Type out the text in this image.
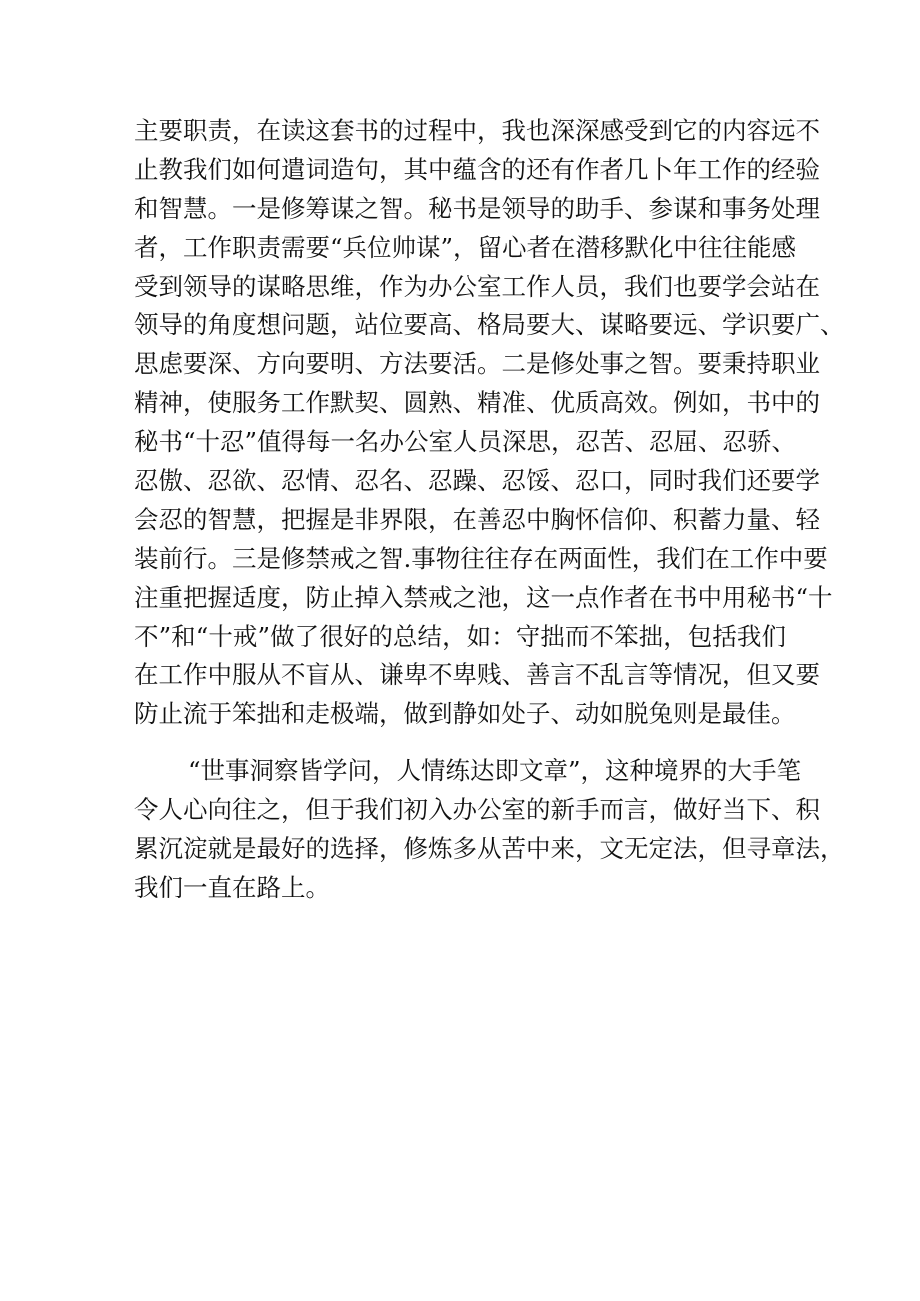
主要职责，在读这套书的过程中，我也深深感受到它的内容远不
止教我们如何遣词造句，其中蕴含的还有作者几卜年工作的经验
和智慧。一是修筹谋之智。秘书是领导的助手、参谋和事务处理
者，工作职责需要“兵位帅谋”，留心者在潜移默化中往往能感
受到领导的谋略思维，作为办公室工作人员，我们也要学会站在
领导的角度想问题，站位要高、格局要大、谋略要远、学识要广、
思虑要深、方向要明、方法要活。二是修处事之智。要秉持职业
精神，使服务工作默契、圆熟、精准、优质高效。例如，书中的
秘书“十忍”值得每一名办公室人员深思，忍苦、忍屈、忍骄、
忍傲、忍欲、忍情、忍名、忍躁、忍馁、忍口，同时我们还要学
会忍的智慧，把握是非界限，在善忍中胸怀信仰、积蓄力量、轻
装前行。三是修禁戒之智.事物往往存在两面性，我们在工作中要
注重把握适度，防止掉入禁戒之池，这一点作者在书中用秘书“十
不”和“十戒”做了很好的总结，如：守拙而不笨拙，包括我们
在工作中服从不盲从、谦卑不卑贱、善言不乱言等情况，但又要
防止流于笨拙和走极端，做到静如处子、动如脱兔则是最佳。
“世事洞察皆学问，人情练达即文章”，这种境界的大手笔
令人心向往之，但于我们初入办公室的新手而言，做好当下、积
累沉淀就是最好的选择，修炼多从苦中来，文无定法，但寻章法，
我们一直在路上。
